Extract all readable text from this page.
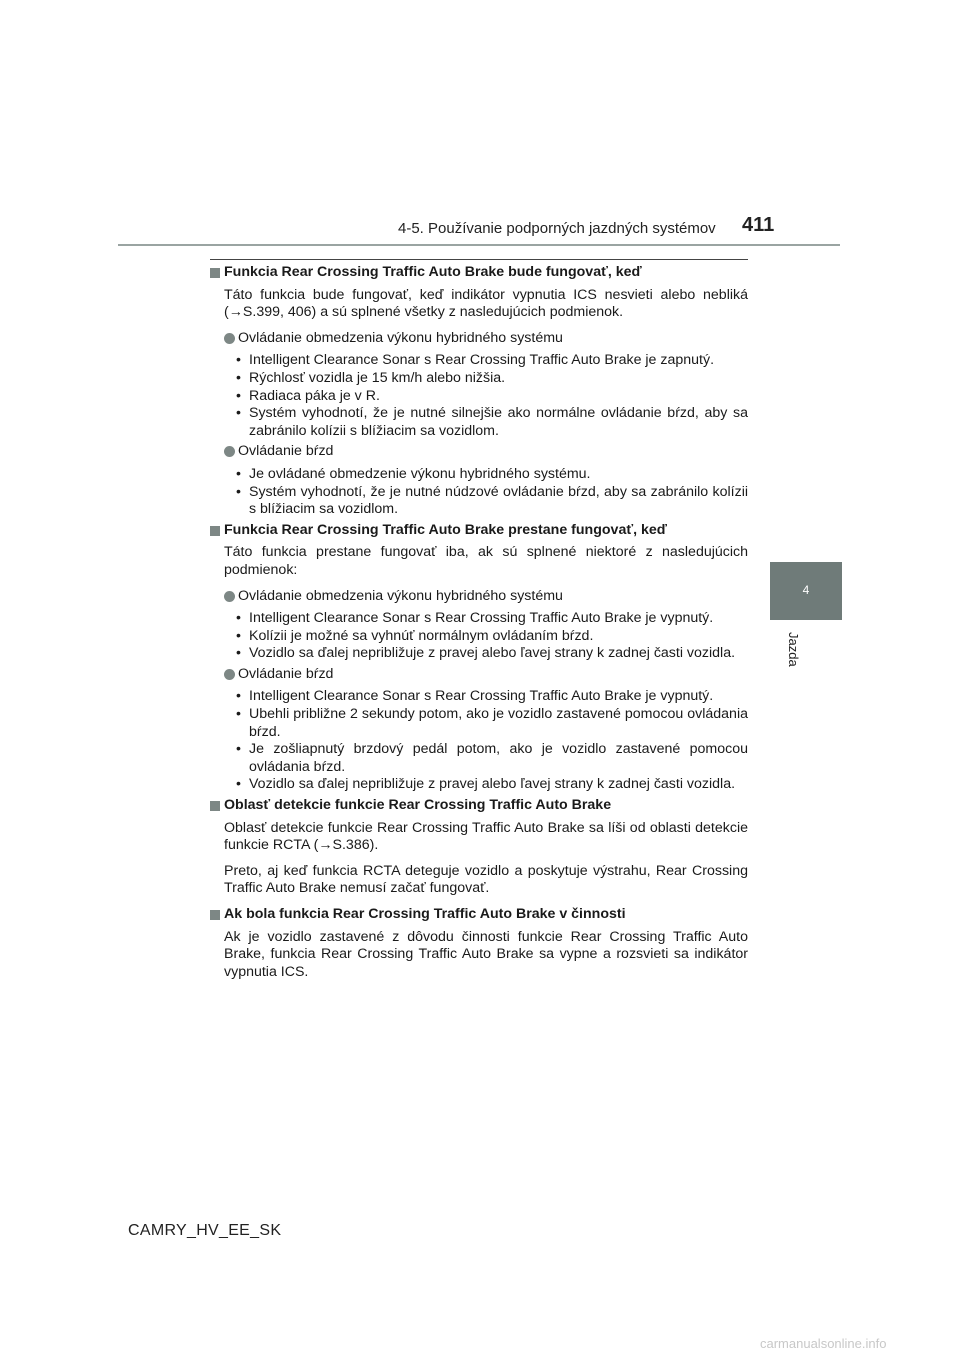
4-5. Používanie podporných jazdných systémov 411
4
Jazda
Funkcia Rear Crossing Traffic Auto Brake bude fungovať, keď

Táto funkcia bude fungovať, keď indikátor vypnutia ICS nesvieti alebo nebliká (→S.399, 406) a sú splnené všetky z nasledujúcich podmienok.

Ovládanie obmedzenia výkonu hybridného systému
• Intelligent Clearance Sonar s Rear Crossing Traffic Auto Brake je zapnutý.
• Rýchlosť vozidla je 15 km/h alebo nižšia.
• Radiaca páka je v R.
• Systém vyhodnotí, že je nutné silnejšie ako normálne ovládanie bŕzd, aby sa zabránilo kolízii s blížiacim sa vozidlom.
Ovládanie bŕzd
• Je ovládané obmedzenie výkonu hybridného systému.
• Systém vyhodnotí, že je nutné núdzové ovládanie bŕzd, aby sa zabránilo kolízii s blížiacim sa vozidlom.
Funkcia Rear Crossing Traffic Auto Brake prestane fungovať, keď

Táto funkcia prestane fungovať iba, ak sú splnené niektoré z nasledujúcich podmienok:

Ovládanie obmedzenia výkonu hybridného systému
• Intelligent Clearance Sonar s Rear Crossing Traffic Auto Brake je vypnutý.
• Kolízii je možné sa vyhnúť normálnym ovládaním bŕzd.
• Vozidlo sa ďalej nepribližuje z pravej alebo ľavej strany k zadnej časti vozidla.
Ovládanie bŕzd
• Intelligent Clearance Sonar s Rear Crossing Traffic Auto Brake je vypnutý.
• Ubehli približne 2 sekundy potom, ako je vozidlo zastavené pomocou ovládania bŕzd.
• Je zošliapnutý brzdový pedál potom, ako je vozidlo zastavené pomocou ovládania bŕzd.
• Vozidlo sa ďalej nepribližuje z pravej alebo ľavej strany k zadnej časti vozidla.
Oblasť detekcie funkcie Rear Crossing Traffic Auto Brake

Oblasť detekcie funkcie Rear Crossing Traffic Auto Brake sa líši od oblasti detekcie funkcie RCTA (→S.386).

Preto, aj keď funkcia RCTA deteguje vozidlo a poskytuje výstrahu, Rear Crossing Traffic Auto Brake nemusí začať fungovať.

Ak bola funkcia Rear Crossing Traffic Auto Brake v činnosti

Ak je vozidlo zastavené z dôvodu činnosti funkcie Rear Crossing Traffic Auto Brake, funkcia Rear Crossing Traffic Auto Brake sa vypne a rozsvieti sa indikátor vypnutia ICS.

CAMRY_HV_EE_SK
carmanualsonline.info
